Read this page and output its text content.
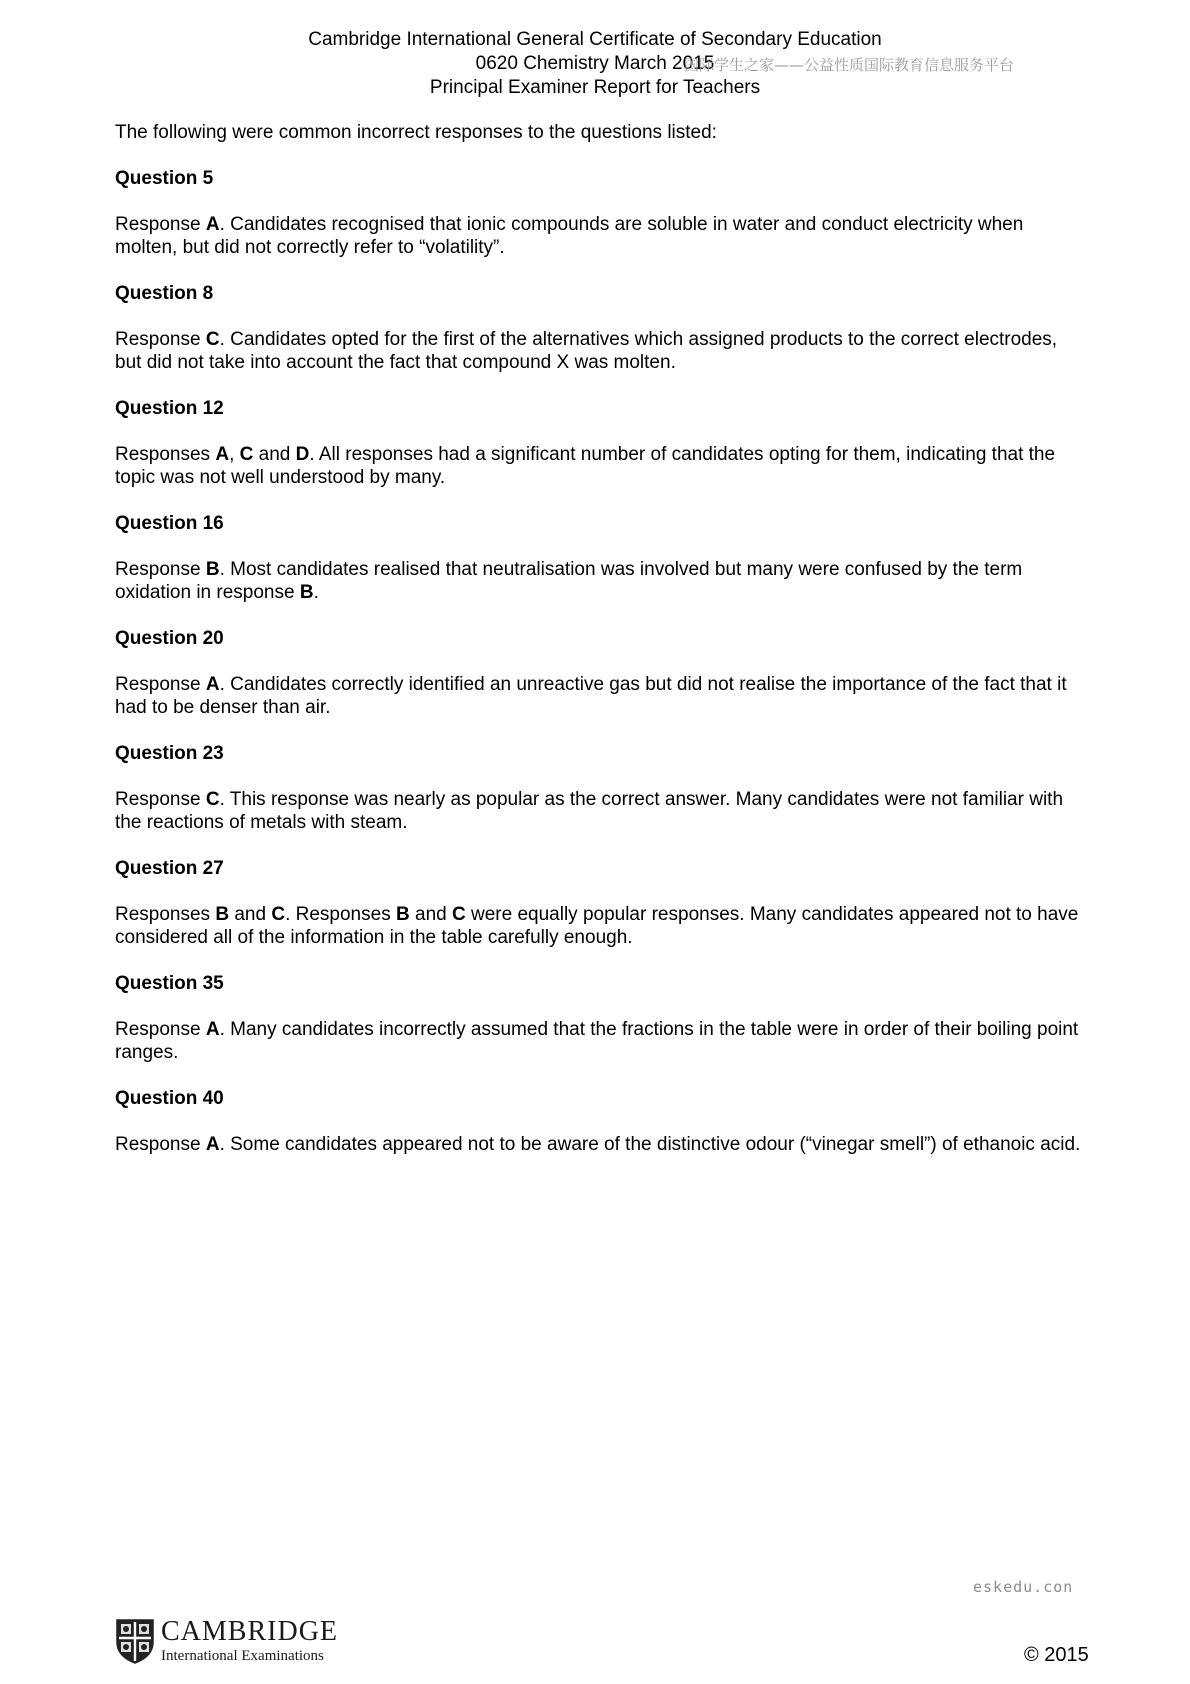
Cambridge International General Certificate of Secondary Education
0620 Chemistry March 2015
Principal Examiner Report for Teachers
国际学生之家——公益性质国际教育信息服务平台

The following were common incorrect responses to the questions listed:

Question 5

Response A. Candidates recognised that ionic compounds are soluble in water and conduct electricity when molten, but did not correctly refer to “volatility”.

Question 8

Response C. Candidates opted for the first of the alternatives which assigned products to the correct electrodes, but did not take into account the fact that compound X was molten.

Question 12

Responses A, C and D. All responses had a significant number of candidates opting for them, indicating that the topic was not well understood by many.

Question 16

Response B. Most candidates realised that neutralisation was involved but many were confused by the term oxidation in response B.

Question 20

Response A. Candidates correctly identified an unreactive gas but did not realise the importance of the fact that it had to be denser than air.

Question 23

Response C. This response was nearly as popular as the correct answer. Many candidates were not familiar with the reactions of metals with steam.

Question 27

Responses B and C. Responses B and C were equally popular responses. Many candidates appeared not to have considered all of the information in the table carefully enough.

Question 35

Response A. Many candidates incorrectly assumed that the fractions in the table were in order of their boiling point ranges.

Question 40

Response A. Some candidates appeared not to be aware of the distinctive odour (“vinegar smell”) of ethanoic acid.

eskedu.con
CAMBRIDGE
International Examinations	© 2015
